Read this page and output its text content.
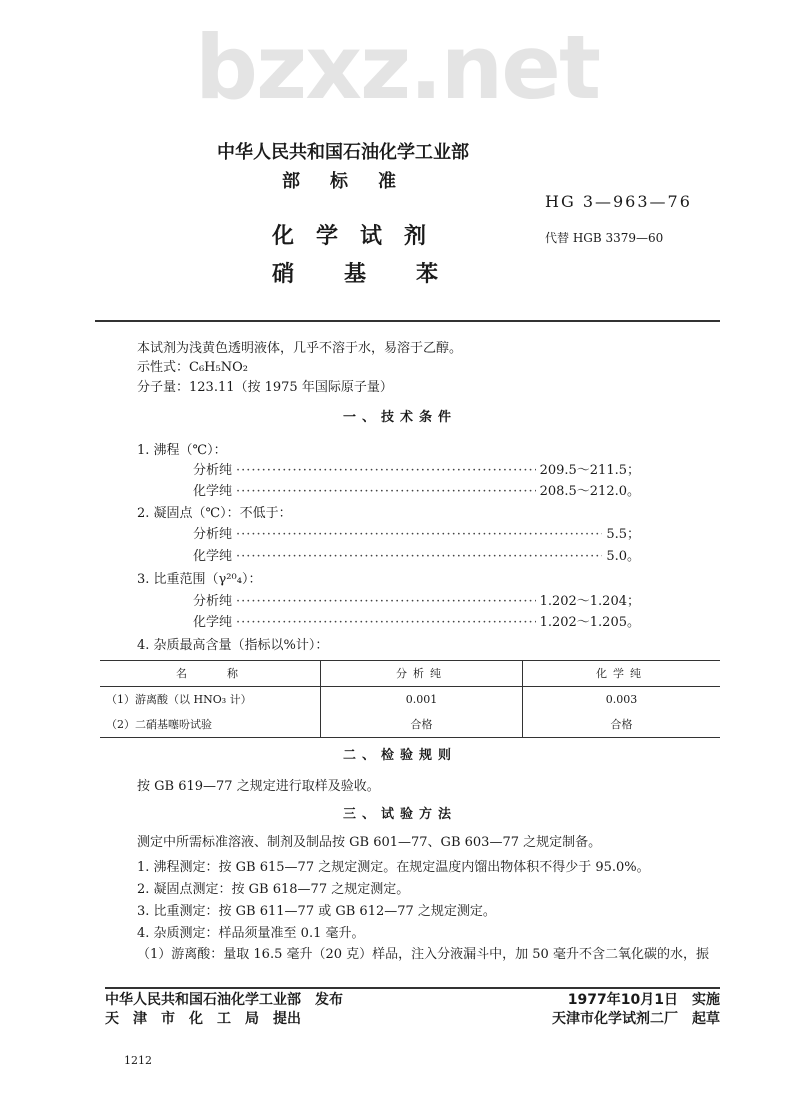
bzxz.net
中华人民共和国石油化学工业部
部标准
HG 3—963—76
化学试剂	代替 HGB 3379—60
硝基苯
本试剂为浅黄色透明液体，几乎不溶于水，易溶于乙醇。
示性式：C₆H₅NO₂
分子量：123.11（按 1975 年国际原子量）
一、技术条件
1. 沸程（℃）：
分析纯 ·····	209.5～211.5；
化学纯 ·····	208.5～212.0。
2. 凝固点（℃）：不低于：
分析纯 ·····	5.5；
化学纯 ·····	5.0。
3. 比重范围（γ²⁰₄）：
分析纯 ·····	1.202～1.204；
化学纯 ·····	1.202～1.205。
4. 杂质最高含量（指标以%计）：
名　　称	分析纯	化学纯
（1）游离酸（以 HNO₃ 计）	0.001	0.003
（2）二硝基噻吩试验	合格	合格
二、检验规则
按 GB 619—77 之规定进行取样及验收。
三、试验方法
测定中所需标准溶液、制剂及制品按 GB 601—77、GB 603—77 之规定制备。
1. 沸程测定：按 GB 615—77 之规定测定。在规定温度内馏出物体积不得少于 95.0%。
2. 凝固点测定：按 GB 618—77 之规定测定。
3. 比重测定：按 GB 611—77 或 GB 612—77 之规定测定。
4. 杂质测定：样品须量准至 0.1 毫升。
（1）游离酸：量取 16.5 毫升（20 克）样品，注入分液漏斗中，加 50 毫升不含二氧化碳的水，振
中华人民共和国石油化学工业部　发布
天　津　市　化　工　局　提出
1977年10月1日　实施
天津市化学试剂二厂　起草
1212
